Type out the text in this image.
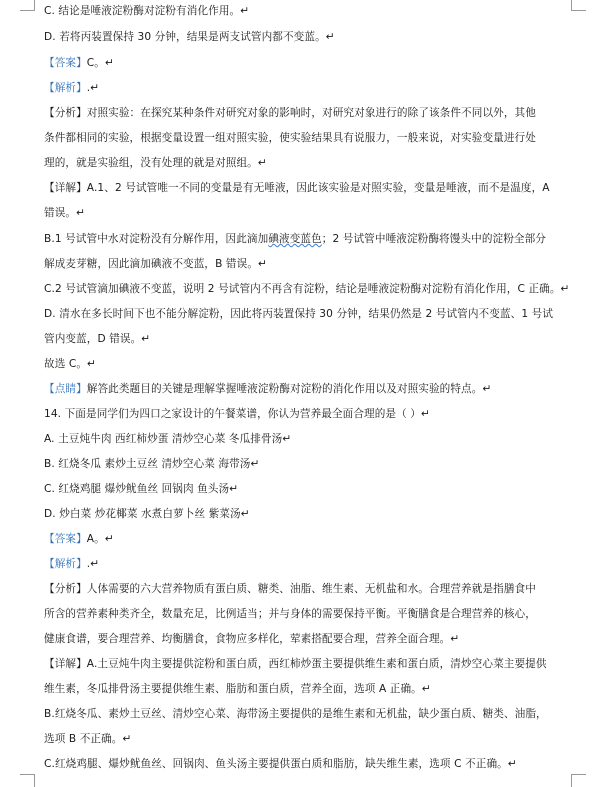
C. 结论是唾液淀粉酶对淀粉有消化作用。↵
D. 若将丙装置保持 30 分钟，结果是两支试管内都不变蓝。↵
【答案】C。↵
【解析】.↵
【分析】对照实验：在探究某种条件对研究对象的影响时，对研究对象进行的除了该条件不同以外，其他
条件都相同的实验，根据变量设置一组对照实验，使实验结果具有说服力，一般来说，对实验变量进行处
理的，就是实验组，没有处理的就是对照组。↵
【详解】A.1、2 号试管唯一不同的变量是有无唾液，因此该实验是对照实验，变量是唾液，而不是温度，A
错误。↵
B.1 号试管中水对淀粉没有分解作用，因此滴加碘液变蓝色；2 号试管中唾液淀粉酶将馒头中的淀粉全部分
解成麦芽糖，因此滴加碘液不变蓝，B 错误。↵
C.2 号试管滴加碘液不变蓝，说明 2 号试管内不再含有淀粉，结论是唾液淀粉酶对淀粉有消化作用，C 正确。↵
D. 清水在多长时间下也不能分解淀粉，因此将丙装置保持 30 分钟，结果仍然是 2 号试管内不变蓝、1 号试
管内变蓝，D 错误。↵
故选 C。↵
【点睛】解答此类题目的关键是理解掌握唾液淀粉酶对淀粉的消化作用以及对照实验的特点。↵
14. 下面是同学们为四口之家设计的午餐菜谱，你认为营养最全面合理的是（ ）↵
A. 土豆炖牛肉 西红柿炒蛋 清炒空心菜 冬瓜排骨汤↵
B. 红烧冬瓜 素炒土豆丝 清炒空心菜 海带汤↵
C. 红烧鸡腿 爆炒鱿鱼丝 回锅肉 鱼头汤↵
D. 炒白菜 炒花椰菜 水煮白萝卜丝 紫菜汤↵
【答案】A。↵
【解析】.↵
【分析】人体需要的六大营养物质有蛋白质、糖类、油脂、维生素、无机盐和水。合理营养就是指膳食中
所含的营养素种类齐全，数量充足，比例适当；并与身体的需要保持平衡。平衡膳食是合理营养的核心，
健康食谱，要合理营养、均衡膳食，食物应多样化，荤素搭配要合理，营养全面合理。↵
【详解】A.土豆炖牛肉主要提供淀粉和蛋白质，西红柿炒蛋主要提供维生素和蛋白质，清炒空心菜主要提供
维生素，冬瓜排骨汤主要提供维生素、脂肪和蛋白质，营养全面，选项 A 正确。↵
B.红烧冬瓜、素炒土豆丝、清炒空心菜、海带汤主要提供的是维生素和无机盐，缺少蛋白质、糖类、油脂，
选项 B 不正确。↵
C.红烧鸡腿、爆炒鱿鱼丝、回锅肉、鱼头汤主要提供蛋白质和脂肪，缺失维生素，选项 C 不正确。↵
